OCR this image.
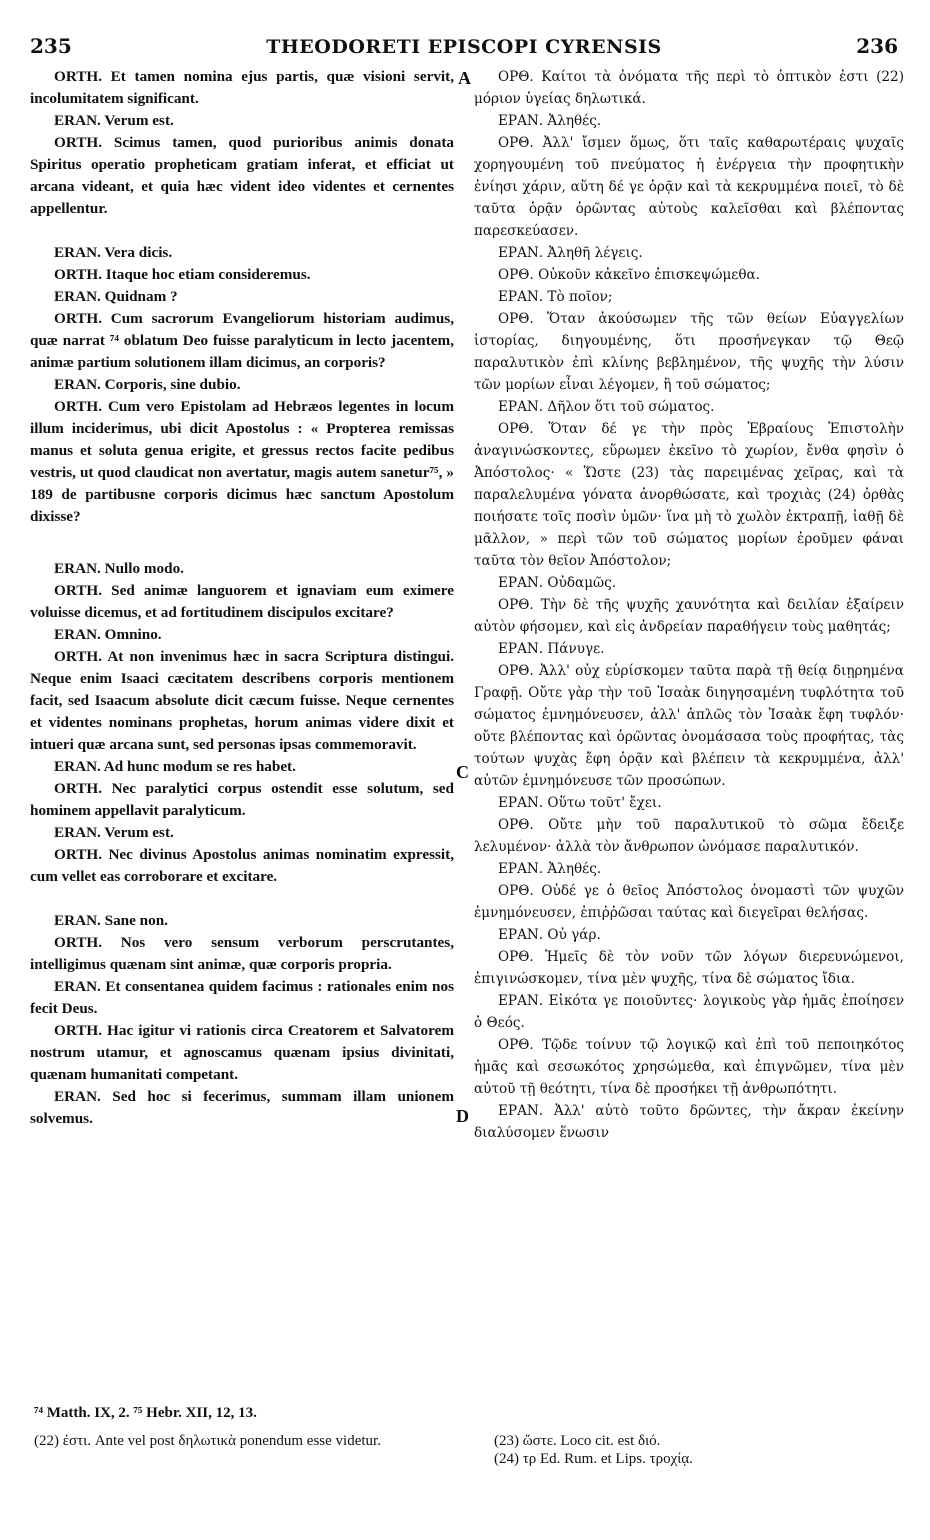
235	THEODORETI EPISCOPI CYRENSIS	236
A
C
D

ORTH. Et tamen nomina ejus partis, quæ visioni servit, incolumitatem significant.

ERAN. Verum est.

ORTH. Scimus tamen, quod purioribus animis donata Spiritus operatio propheticam gratiam inferat, et efficiat ut arcana videant, et quia hæc vident ideo videntes et cernentes appellentur.

ERAN. Vera dicis.

ORTH. Itaque hoc etiam consideremus.

ERAN. Quidnam ?

ORTH. Cum sacrorum Evangeliorum historiam audimus, quæ narrat ⁷⁴ oblatum Deo fuisse paralyticum in lecto jacentem, animæ partium solutionem illam dicimus, an corporis?

ERAN. Corporis, sine dubio.

ORTH. Cum vero Epistolam ad Hebræos legentes in locum illum inciderimus, ubi dicit Apostolus : « Propterea remissas manus et soluta genua erigite, et gressus rectos facite pedibus vestris, ut quod claudicat non avertatur, magis autem sanetur⁷⁵, » 189 de partibusne corporis dicimus hæc sanctum Apostolum dixisse?

ERAN. Nullo modo.

ORTH. Sed animæ languorem et ignaviam eum eximere voluisse dicemus, et ad fortitudinem discipulos excitare?

ERAN. Omnino.

ORTH. At non invenimus hæc in sacra Scriptura distingui. Neque enim Isaaci cæcitatem describens corporis mentionem facit, sed Isaacum absolute dicit cæcum fuisse. Neque cernentes et videntes nominans prophetas, horum animas videre dixit et intueri quæ arcana sunt, sed personas ipsas commemoravit.

ERAN. Ad hunc modum se res habet.

ORTH. Nec paralytici corpus ostendit esse solutum, sed hominem appellavit paralyticum.

ERAN. Verum est.

ORTH. Nec divinus Apostolus animas nominatim expressit, cum vellet eas corroborare et excitare.

ERAN. Sane non.

ORTH. Nos vero sensum verborum perscrutantes, intelligimus quænam sint animæ, quæ corporis propria.

ERAN. Et consentanea quidem facimus : rationales enim nos fecit Deus.

ORTH. Hac igitur vi rationis circa Creatorem et Salvatorem nostrum utamur, et agnoscamus quænam ipsius divinitati, quænam humanitati competant.

ERAN. Sed hoc si fecerimus, summam illam unionem solvemus.

ΟΡΘ. Καίτοι τὰ ὀνόματα τῆς περὶ τὸ ὀπτικὸν ἐστι (22) μόριον ὑγείας δηλωτικά.

ΕΡΑΝ. Ἀληθές.

ΟΡΘ. Ἀλλ' ἴσμεν ὅμως, ὅτι ταῖς καθαρωτέραις ψυχαῖς χορηγουμένη τοῦ πνεύματος ἡ ἐνέργεια τὴν προφητικὴν ἐνίησι χάριν, αὕτη δέ γε ὁρᾷν καὶ τὰ κεκρυμμένα ποιεῖ, τὸ δὲ ταῦτα ὁρᾷν ὁρῶντας αὐτοὺς καλεῖσθαι καὶ βλέποντας παρεσκεύασεν.

ΕΡΑΝ. Ἀληθῆ λέγεις.

ΟΡΘ. Οὐκοῦν κἀκεῖνο ἐπισκεψώμεθα.

ΕΡΑΝ. Τὸ ποῖον;

ΟΡΘ. Ὅταν ἀκούσωμεν τῆς τῶν θείων Εὐαγγελίων ἱστορίας, διηγουμένης, ὅτι προσήνεγκαν τῷ Θεῷ παραλυτικὸν ἐπὶ κλίνης βεβλημένον, τῆς ψυχῆς τὴν λύσιν τῶν μορίων εἶναι λέγομεν, ἢ τοῦ σώματος;

ΕΡΑΝ. Δῆλον ὅτι τοῦ σώματος.

ΟΡΘ. Ὅταν δέ γε τὴν πρὸς Ἑβραίους Ἐπιστολὴν ἀναγινώσκοντες, εὕρωμεν ἐκεῖνο τὸ χωρίον, ἔνθα φησὶν ὁ Ἀπόστολος· « Ὥστε (23) τὰς παρειμένας χεῖρας, καὶ τὰ παραλελυμένα γόνατα ἀνορθώσατε, καὶ τροχιὰς (24) ὀρθὰς ποιήσατε τοῖς ποσὶν ὑμῶν· ἵνα μὴ τὸ χωλὸν ἐκτραπῇ, ἰαθῇ δὲ μᾶλλον, » περὶ τῶν τοῦ σώματος μορίων ἐροῦμεν φάναι ταῦτα τὸν θεῖον Ἀπόστολον;

ΕΡΑΝ. Οὐδαμῶς.

ΟΡΘ. Τὴν δὲ τῆς ψυχῆς χαυνότητα καὶ δειλίαν ἐξαίρειν αὐτὸν φήσομεν, καὶ εἰς ἀνδρείαν παραθήγειν τοὺς μαθητάς;

ΕΡΑΝ. Πάνυγε.

ΟΡΘ. Ἀλλ' οὐχ εὑρίσκομεν ταῦτα παρὰ τῇ θείᾳ διῃρημένα Γραφῇ. Οὔτε γὰρ τὴν τοῦ Ἰσαὰκ διηγησαμένη τυφλότητα τοῦ σώματος ἐμνημόνευσεν, ἀλλ' ἁπλῶς τὸν Ἰσαὰκ ἔφη τυφλόν· οὔτε βλέποντας καὶ ὁρῶντας ὀνομάσασα τοὺς προφήτας, τὰς τούτων ψυχὰς ἔφη ὁρᾷν καὶ βλέπειν τὰ κεκρυμμένα, ἀλλ' αὐτῶν ἐμνημόνευσε τῶν προσώπων.

ΕΡΑΝ. Οὕτω τοῦτ' ἔχει.

ΟΡΘ. Οὔτε μὴν τοῦ παραλυτικοῦ τὸ σῶμα ἔδειξε λελυμένον· ἀλλὰ τὸν ἄνθρωπον ὠνόμασε παραλυτικόν.

ΕΡΑΝ. Ἀληθές.

ΟΡΘ. Οὐδέ γε ὁ θεῖος Ἀπόστολος ὀνομαστὶ τῶν ψυχῶν ἐμνημόνευσεν, ἐπιῤῥῶσαι ταύτας καὶ διεγεῖραι θελήσας.

ΕΡΑΝ. Οὐ γάρ.

ΟΡΘ. Ἡμεῖς δὲ τὸν νοῦν τῶν λόγων διερευνώμενοι, ἐπιγινώσκομεν, τίνα μὲν ψυχῆς, τίνα δὲ σώματος ἴδια.

ΕΡΑΝ. Εἰκότα γε ποιοῦντες· λογικοὺς γὰρ ἡμᾶς ἐποίησεν ὁ Θεός.

ΟΡΘ. Τῷδε τοίνυν τῷ λογικῷ καὶ ἐπὶ τοῦ πεποιηκότος ἡμᾶς καὶ σεσωκότος χρησώμεθα, καὶ ἐπιγνῶμεν, τίνα μὲν αὐτοῦ τῇ θεότητι, τίνα δὲ προσήκει τῇ ἀνθρωπότητι.

ΕΡΑΝ. Ἀλλ' αὐτὸ τοῦτο δρῶντες, τὴν ἄκραν ἐκείνην διαλύσομεν ἕνωσιν

⁷⁴ Matth. IX, 2. ⁷⁵ Hebr. XII, 12, 13.
(22) ἐστι. Ante vel post δηλωτικὰ ponendum esse videtur.	(23) ὥστε. Loco cit. est διό.
(24) τρ Ed. Rum. et Lips. τροχίᾳ.
